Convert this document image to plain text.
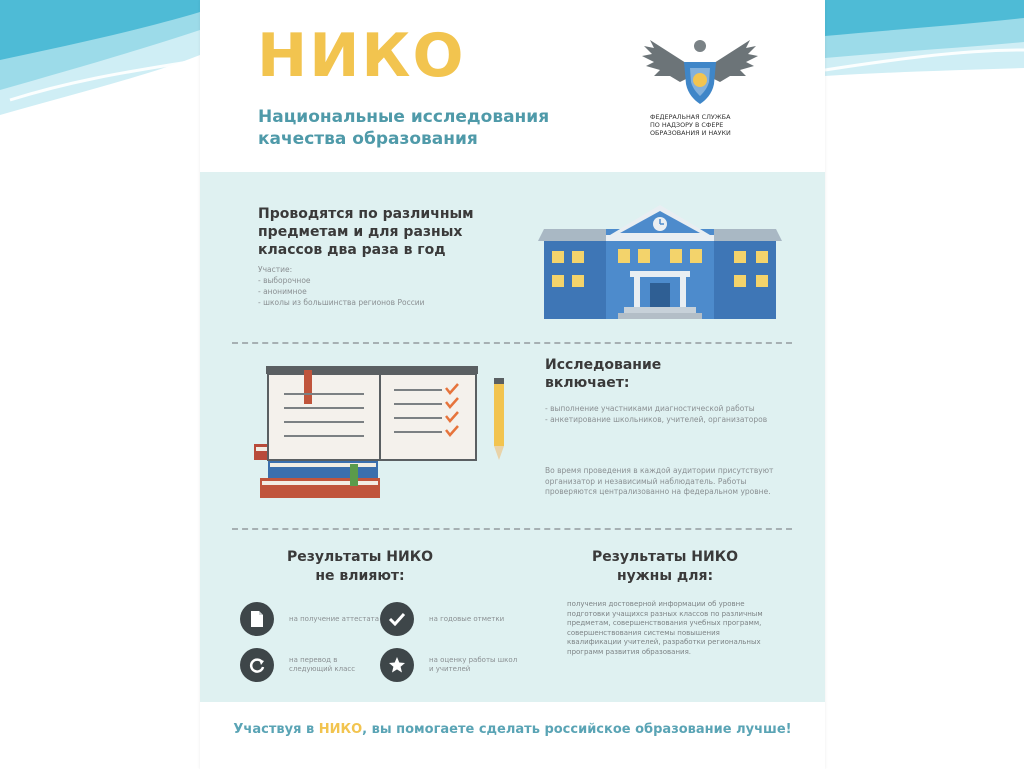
НИКО
Национальные исследования
качества образования
ФЕДЕРАЛЬНАЯ СЛУЖБА
ПО НАДЗОРУ В СФЕРЕ
ОБРАЗОВАНИЯ И НАУКИ
Проводятся по различным предметам и для разных классов два раза в год
Участие:
- выборочное
- анонимное
- школы из большинства регионов России
Исследование
включает:
- выполнение участниками диагностической работы
- анкетирование школьников, учителей, организаторов
Во время проведения в каждой аудитории присутствуют организатор и независимый наблюдатель. Работы проверяются централизованно на федеральном уровне.
Результаты НИКО
не влияют:
Результаты НИКО
нужны для:
на получение аттестата	на годовые отметки
на перевод в следующий класс
на оценку работы школ и учителей
получения достоверной информации об уровне подготовки учащихся разных классов по различным предметам, совершенствования учебных программ, совершенствования системы повышения квалификации учителей, разработки региональных программ развития образования.
Участвуя в НИКО, вы помогаете сделать российское образование лучше!
